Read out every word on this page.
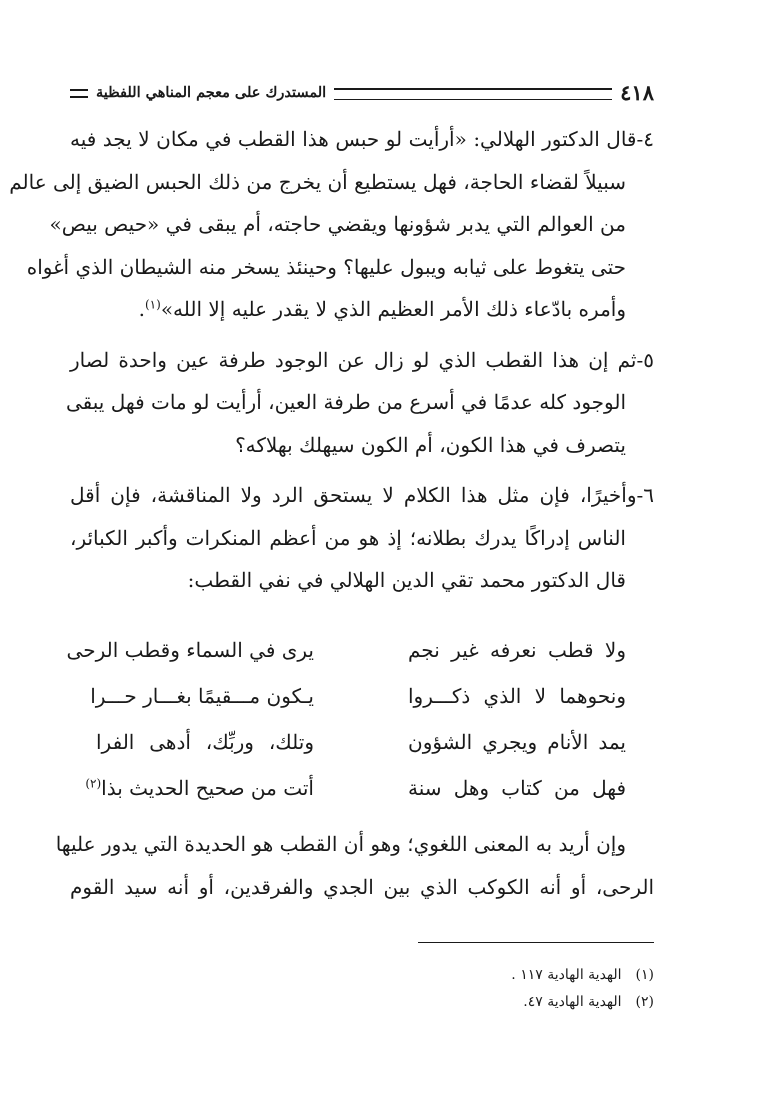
٤١٨
المستدرك على معجم المناهي اللفظية
٤-قال الدكتور الهلالي: «أرأيت لو حبس هذا القطب في مكان لا يجد فيه
سبيلاً لقضاء الحاجة، فهل يستطيع أن يخرج من ذلك الحبس الضيق إلى عالم
من العوالم التي يدبر شؤونها ويقضي حاجته، أم يبقى في «حيص بيص»
حتى يتغوط على ثيابه ويبول عليها؟ وحينئذ يسخر منه الشيطان الذي أغواه
وأمره بادّعاء ذلك الأمر العظيم الذي لا يقدر عليه إلا الله»$^{(١)}$.
٥-ثم إن هذا القطب الذي لو زال عن الوجود طرفة عين واحدة لصار
الوجود كله عدمًا في أسرع من طرفة العين، أرأيت لو مات فهل يبقى
يتصرف في هذا الكون، أم الكون سيهلك بهلاكه؟
٦-وأخيرًا، فإن مثل هذا الكلام لا يستحق الرد ولا المناقشة، فإن أقل
الناس إدراكًا يدرك بطلانه؛ إذ هو من أعظم المنكرات وأكبر الكبائر،
قال الدكتور محمد تقي الدين الهلالي في نفي القطب:
ولا قطب نعرفه غير نجم
يرى في السماء وقطب الرحى
ونحوهما لا الذي ذكـــروا
يـكون مـــقيمًا بغـــار حـــرا
يمد الأنام ويجري الشؤون
وتلك، وربِّك، أدهى الفرا
فهل من كتاب وهل سنة
أتت من صحيح الحديث بذا$^{(٢)}$
وإن أريد به المعنى اللغوي؛ وهو أن القطب هو الحديدة التي يدور عليها
الرحى، أو أنه الكوكب الذي بين الجدي والفرقدين، أو أنه سيد القوم
(١)
الهدية الهادية ١١٧ .
(٢)
الهدية الهادية ٤٧.
